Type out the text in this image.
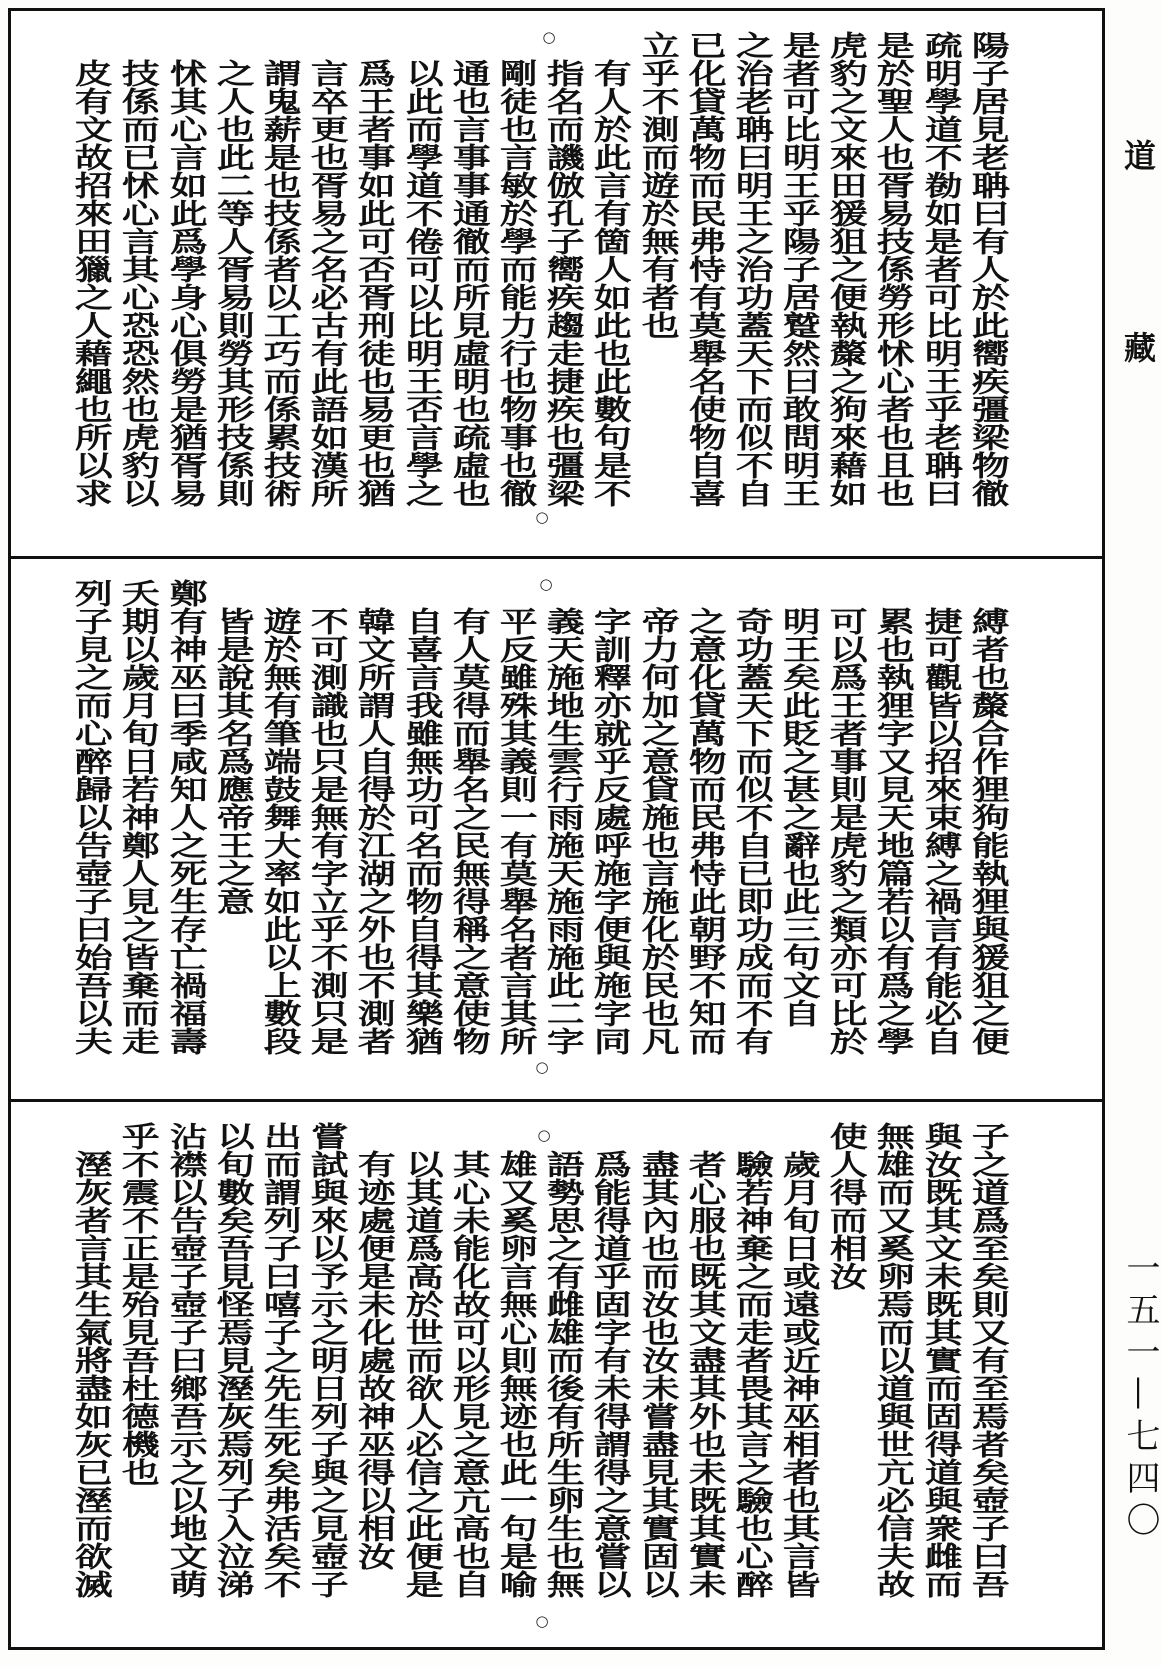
陽子居見老聃曰有人於此嚮疾彊梁物徹
疏明學道不勌如是者可比明王乎老聃曰
是於聖人也胥易技係勞形怵心者也且也
虎豹之文來田猨狙之便執斄之狗來藉如
是者可比明王乎陽子居蹵然曰敢問明王
之治老聃曰明王之治功蓋天下而似不自
已化貸萬物而民弗恃有莫舉名使物自喜
立乎不測而遊於無有者也
有人於此言有箇人如此也此數句是不
指名而譏倣孔子嚮疾趨走捷疾也彊梁
剛徒也言敏於學而能力行也物事也徹
通也言事事通徹而所見虛明也疏虛也
以此而學道不倦可以比明王否言學之
爲王者事如此可否胥刑徒也易更也猶
言卒更也胥易之名必古有此語如漢所
謂鬼薪是也技係者以工巧而係累技術
之人也此二等人胥易則勞其形技係則
怵其心言如此爲學身心俱勞是猶胥易
技係而已怵心言其心恐恐然也虎豹以
皮有文故招來田獵之人藉繩也所以求
縛者也斄合作狸狗能執狸與猨狙之便
捷可觀皆以招來束縛之禍言有能必自
累也執狸字又見天地篇若以有爲之學
可以爲王者事則是虎豹之類亦可比於
明王矣此貶之甚之辭也此三句文自
奇功蓋天下而似不自已即功成而不有
之意化貸萬物而民弗恃此朝野不知而
帝力何加之意貸施也言施化於民也凡
字訓釋亦就乎反處呼施字便與施字同
義天施地生雲行雨施天施雨施此二字
平反雖殊其義則一有莫舉名者言其所
有人莫得而舉名之民無得稱之意使物
自喜言我雖無功可名而物自得其樂猶
韓文所謂人自得於江湖之外也不測者
不可測識也只是無有字立乎不測只是
遊於無有筆端鼓舞大率如此以上數段
皆是說其名爲應帝王之意
鄭有神巫曰季咸知人之死生存亡禍福壽
夭期以歲月旬日若神鄭人見之皆棄而走
列子見之而心醉歸以告壺子曰始吾以夫
子之道爲至矣則又有至焉者矣壺子曰吾
與汝既其文未既其實而固得道與衆雌而
無雄而又奚卵焉而以道與世亢必信夫故
使人得而相汝
歲月旬日或遠或近神巫相者也其言皆
驗若神棄之而走者畏其言之驗也心醉
者心服也既其文盡其外也未既其實未
盡其內也而汝也汝未嘗盡見其實固以
爲能得道乎固字有未得謂得之意嘗以
語勢思之有雌雄而後有所生卵生也無
雄又奚卵言無心則無迹也此一句是喻
其心未能化故可以形見之意亢高也自
以其道爲高於世而欲人必信之此便是
有迹處便是未化處故神巫得以相汝
嘗試與來以予示之明日列子與之見壺子
出而謂列子曰嘻子之先生死矣弗活矣不
以旬數矣吾見怪焉見溼灰焉列子入泣涕
沾襟以告壺子壺子曰鄉吾示之以地文萌
乎不震不正是殆見吾杜德機也
溼灰者言其生氣將盡如灰已溼而欲滅
○
○
○
○
○
○
道
藏
一五一—七四〇
